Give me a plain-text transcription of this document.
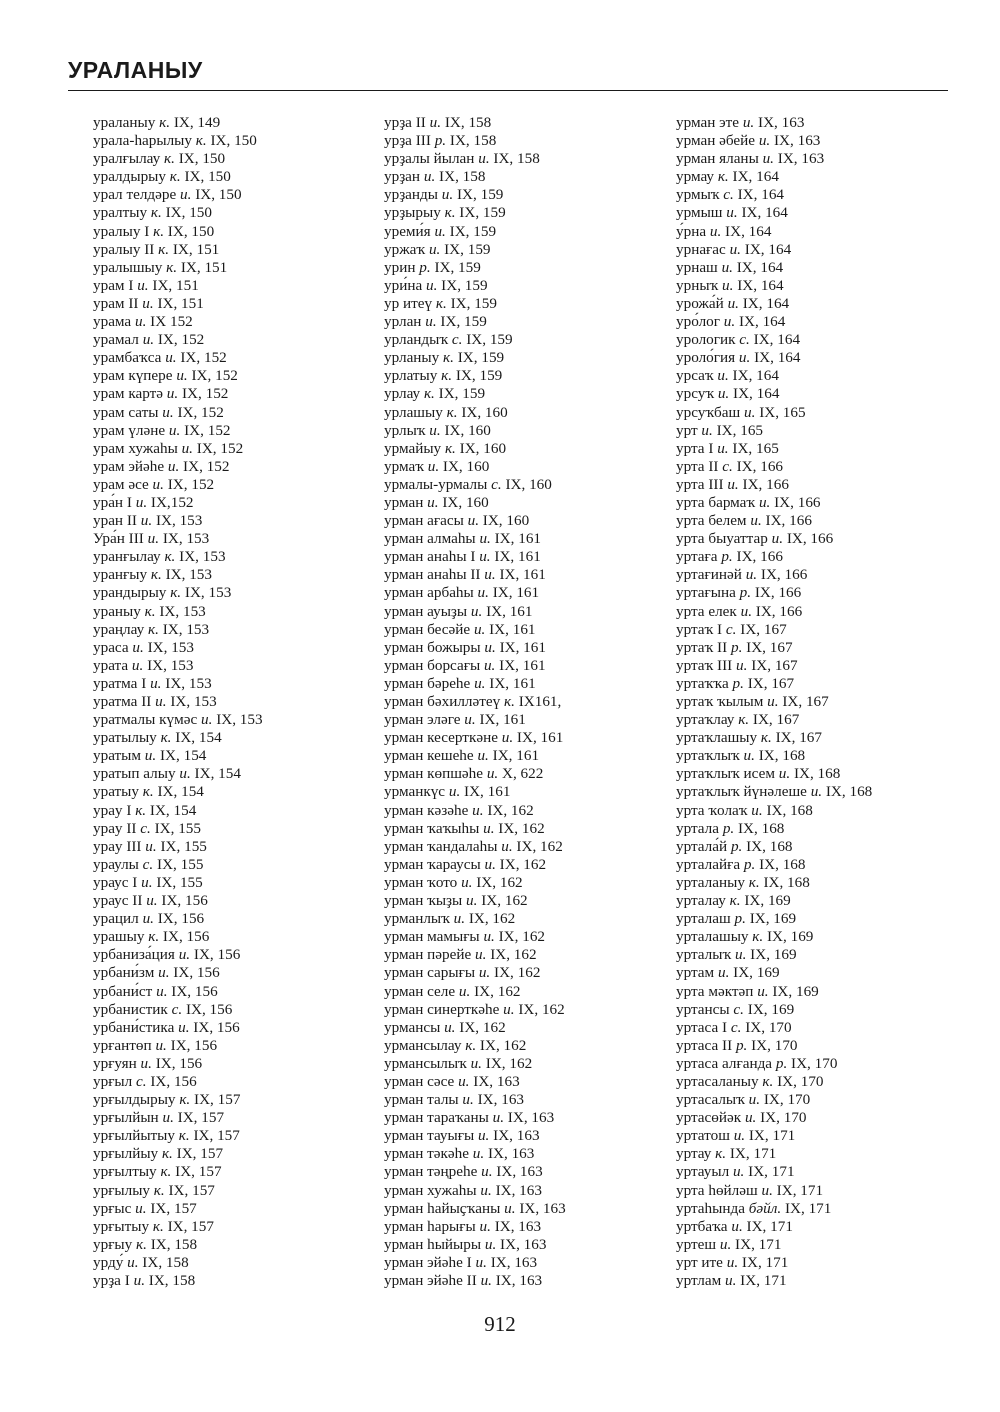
УРАЛАНЫУ
ураланыу к. IX, 149
урала-һарылыу к. IX, 150
уралғылау к. IX, 150
уралдырыу к. IX, 150
урал телдәре и. IX, 150
уралтыу к. IX, 150
уралыу I к. IX, 150
уралыу II к. IX, 151
уралышыу к. IX, 151
урам I и. IX, 151
урам II и. IX, 151
урама и. IX 152
урамал и. IX, 152
урамбаҡса и. IX, 152
урам күпере и. IX, 152
урам картә и. IX, 152
урам саты и. IX, 152
урам үләне и. IX, 152
урам хужаһы и. IX, 152
урам эйәһе и. IX, 152
урам әсе и. IX, 152
ура́н I и. IX,152
уран II и. IX, 153
Ура́н III и. IX, 153
уранғылау к. IX, 153
уранғыу к. IX, 153
урандырыу к. IX, 153
ураныу к. IX, 153
ураңлау к. IX, 153
ураса и. IX, 153
урата и. IX, 153
уратма I и. IX, 153
уратма II и. IX, 153
уратмалы күмәс и. IX, 153
уратылыу к. IX, 154
уратым и. IX, 154
уратып алыу и. IX, 154
уратыу к. IX, 154
ураy I к. IX, 154
ураy II с. IX, 155
ураy III и. IX, 155
ураулы с. IX, 155
ураус I и. IX, 155
ураус II и. IX, 156
урацил и. IX, 156
урашыу к. IX, 156
урбаниза́ция и. IX, 156
урбани́зм и. IX, 156
урбани́ст и. IX, 156
урбанистик с. IX, 156
урбани́стика и. IX, 156
урғантөп и. IX, 156
урғуян и. IX, 156
урғыл с. IX, 156
урғылдырыу к. IX, 157
урғылйын и. IX, 157
урғылйытыу к. IX, 157
урғылйыу к. IX, 157
урғылтыу к. IX, 157
урғылыу к. IX, 157
урғыс и. IX, 157
урғытыу к. IX, 157
урғыу к. IX, 158
урду́ и. IX, 158
урҙа I и. IX, 158
урҙа II и. IX, 158
урҙа III р. IX, 158
урҙалы йылан и. IX, 158
урҙан и. IX, 158
урҙанды и. IX, 159
урҙырыу к. IX, 159
уреми́я и. IX, 159
уржаҡ и. IX, 159
урин р. IX, 159
ури́на и. IX, 159
ур итеү к. IX, 159
урлан и. IX, 159
урландыҡ с. IX, 159
урланыу к. IX, 159
урлатыу к. IX, 159
урлау к. IX, 159
урлашыу к. IX, 160
урлыҡ и. IX, 160
урмайыу к. IX, 160
урмаҡ и. IX, 160
урмалы-урмалы с. IX, 160
урман и. IX, 160
урман ағасы и. IX, 160
урман алмаһы и. IX, 161
урман анаһы I и. IX, 161
урман анаһы II и. IX, 161
урман арбаһы и. IX, 161
урман ауыҙы и. IX, 161
урман бесәйе и. IX, 161
урман божыры и. IX, 161
урман борсағы и. IX, 161
урман бәреһе и. IX, 161
урман бәхилләтеү к. IX161,
урман эләге и. IX, 161
урман кесерткәне и. IX, 161
урман кешеһе и. IX, 161
урман көпшәһе и. X, 622
урманкүс и. IX, 161
урман кәзәһе и. IX, 162
урман ҡаҡыһы и. IX, 162
урман ҡандалаһы и. IX, 162
урман ҡараусы и. IX, 162
урман ҡото и. IX, 162
урман ҡыҙы и. IX, 162
урманлыҡ и. IX, 162
урман мамығы и. IX, 162
урман пәрейе и. IX, 162
урман сарығы и. IX, 162
урман селе и. IX, 162
урман синерткәһе и. IX, 162
урмансы и. IX, 162
урмансылау к. IX, 162
урмансылыҡ и. IX, 162
урман сәсе и. IX, 163
урман талы и. IX, 163
урман тараҡаны и. IX, 163
урман тауығы и. IX, 163
урман тәкәһе и. IX, 163
урман тәңреһе и. IX, 163
урман хужаһы и. IX, 163
урман һайыҫҡаны и. IX, 163
урман һарығы и. IX, 163
урман һыйыры и. IX, 163
урман эйәһе I и. IX, 163
урман эйәһе II и. IX, 163
урман эте и. IX, 163
урман әбейе и. IX, 163
урман яланы и. IX, 163
урмау к. IX, 164
урмыҡ с. IX, 164
урмыш и. IX, 164
у́рна и. IX, 164
урнағас и. IX, 164
урнаш и. IX, 164
урныҡ и. IX, 164
урожа́й и. IX, 164
уро́лог и. IX, 164
урологик с. IX, 164
уроло́гия и. IX, 164
урсаҡ и. IX, 164
урсуҡ и. IX, 164
урсуҡбаш и. IX, 165
урт и. IX, 165
урта I и. IX, 165
урта II с. IX, 166
урта III и. IX, 166
урта бармаҡ и. IX, 166
урта белем и. IX, 166
урта быуаттар и. IX, 166
уртаға р. IX, 166
уртағинәй и. IX, 166
уртағына р. IX, 166
урта елек и. IX, 166
уртаҡ I с. IX, 167
уртаҡ II р. IX, 167
уртаҡ III и. IX, 167
уртаҡҡа р. IX, 167
уртаҡ ҡылым и. IX, 167
уртаҡлау к. IX, 167
уртаҡлашыу к. IX, 167
уртаҡлыҡ и. IX, 168
уртаҡлыҡ исем и. IX, 168
уртаҡлыҡ йүнәлеше и. IX, 168
урта ҡолаҡ и. IX, 168
уртала р. IX, 168
уртала́й р. IX, 168
урталайға р. IX, 168
урталаныу к. IX, 168
урталау к. IX, 169
урталаш р. IX, 169
урталашыу к. IX, 169
урталыҡ и. IX, 169
уртам и. IX, 169
урта мәктәп и. IX, 169
уртансы с. IX, 169
уртаса I с. IX, 170
уртаса II р. IX, 170
уртаса алғанда р. IX, 170
уртасаланыу к. IX, 170
уртасалыҡ и. IX, 170
уртасөйәк и. IX, 170
уртатош и. IX, 171
уртау к. IX, 171
уртауыл и. IX, 171
урта һөйләш и. IX, 171
уртаһында бәйл. IX, 171
уртбаҡа и. IX, 171
уртеш и. IX, 171
урт ите и. IX, 171
уртлам и. IX, 171
912
